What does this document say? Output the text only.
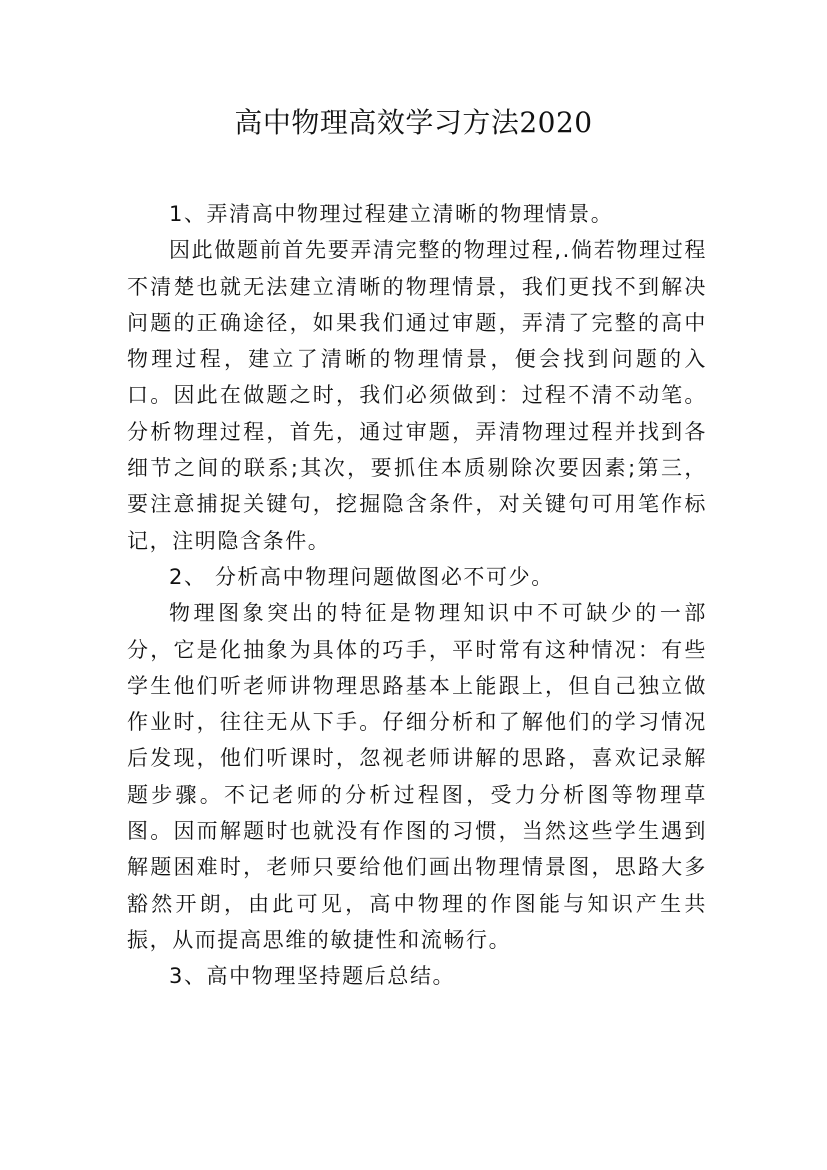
高中物理高效学习方法2020

1、弄清高中物理过程建立清晰的物理情景。

因此做题前首先要弄清完整的物理过程,.倘若物理过程不清楚也就无法建立清晰的物理情景，我们更找不到解决问题的正确途径，如果我们通过审题，弄清了完整的高中物理过程，建立了清晰的物理情景，便会找到问题的入口。因此在做题之时，我们必须做到：过程不清不动笔。分析物理过程，首先，通过审题，弄清物理过程并找到各细节之间的联系;其次，要抓住本质剔除次要因素;第三，要注意捕捉关键句，挖掘隐含条件，对关键句可用笔作标记，注明隐含条件。

2、 分析高中物理问题做图必不可少。

物理图象突出的特征是物理知识中不可缺少的一部分，它是化抽象为具体的巧手，平时常有这种情况：有些学生他们听老师讲物理思路基本上能跟上，但自己独立做作业时，往往无从下手。仔细分析和了解他们的学习情况后发现，他们听课时，忽视老师讲解的思路，喜欢记录解题步骤。不记老师的分析过程图，受力分析图等物理草图。因而解题时也就没有作图的习惯，当然这些学生遇到解题困难时，老师只要给他们画出物理情景图，思路大多豁然开朗，由此可见，高中物理的作图能与知识产生共振，从而提高思维的敏捷性和流畅行。

3、高中物理坚持题后总结。
